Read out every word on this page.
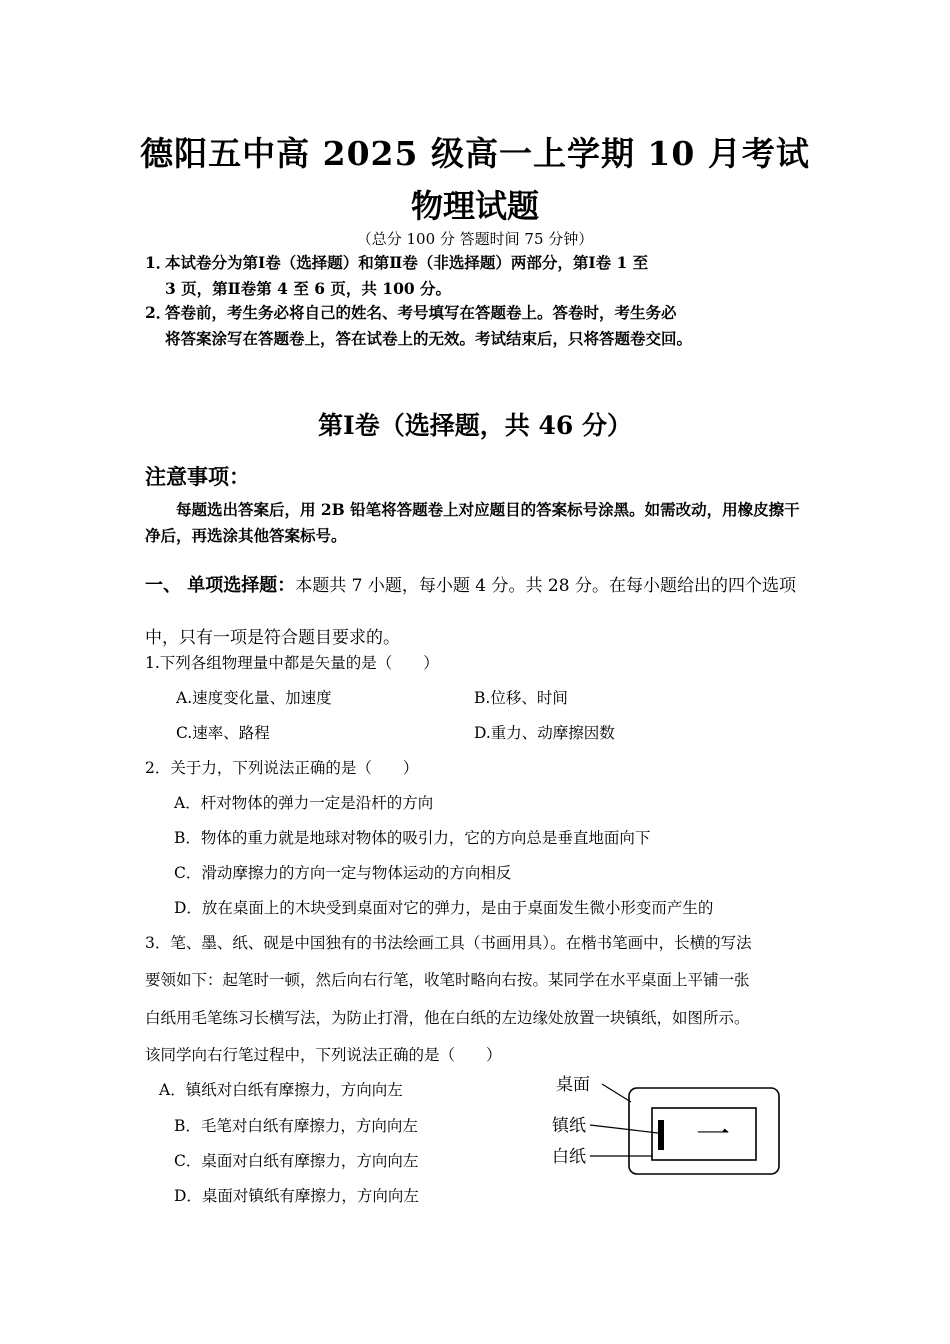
德阳五中高 2025 级高一上学期 10 月考试
物理试题
（总分 100 分 答题时间 75 分钟）
1．本试卷分为第Ⅰ卷（选择题）和第Ⅱ卷（非选择题）两部分，第Ⅰ卷 1 至
3 页，第Ⅱ卷第 4 至 6 页，共 100 分。
2．答卷前，考生务必将自己的姓名、考号填写在答题卷上。答卷时，考生务必
将答案涂写在答题卷上，答在试卷上的无效。考试结束后，只将答题卷交回。
第Ⅰ卷（选择题，共 46 分）
注意事项：
每题选出答案后，用 2B 铅笔将答题卷上对应题目的答案标号涂黑。如需改动，用橡皮擦干净后，再选涂其他答案标号。
一、 单项选择题：本题共 7 小题，每小题 4 分。共 28 分。在每小题给出的四个选项中，只有一项是符合题目要求的。
1.下列各组物理量中都是矢量的是（　　）
A.速度变化量、加速度	B.位移、时间
C.速率、路程	D.重力、动摩擦因数
2．关于力，下列说法正确的是（　　）
A．杆对物体的弹力一定是沿杆的方向
B．物体的重力就是地球对物体的吸引力，它的方向总是垂直地面向下
C．滑动摩擦力的方向一定与物体运动的方向相反
D．放在桌面上的木块受到桌面对它的弹力，是由于桌面发生微小形变而产生的
3．笔、墨、纸、砚是中国独有的书法绘画工具（书画用具）。在楷书笔画中，长横的写法
要领如下：起笔时一顿，然后向右行笔，收笔时略向右按。某同学在水平桌面上平铺一张
白纸用毛笔练习长横写法，为防止打滑，他在白纸的左边缘处放置一块镇纸，如图所示。
该同学向右行笔过程中，下列说法正确的是（　　）
A．镇纸对白纸有摩擦力，方向向左
B．毛笔对白纸有摩擦力，方向向左
C．桌面对白纸有摩擦力，方向向左
D．桌面对镇纸有摩擦力，方向向左
桌面
镇纸
白纸
一
